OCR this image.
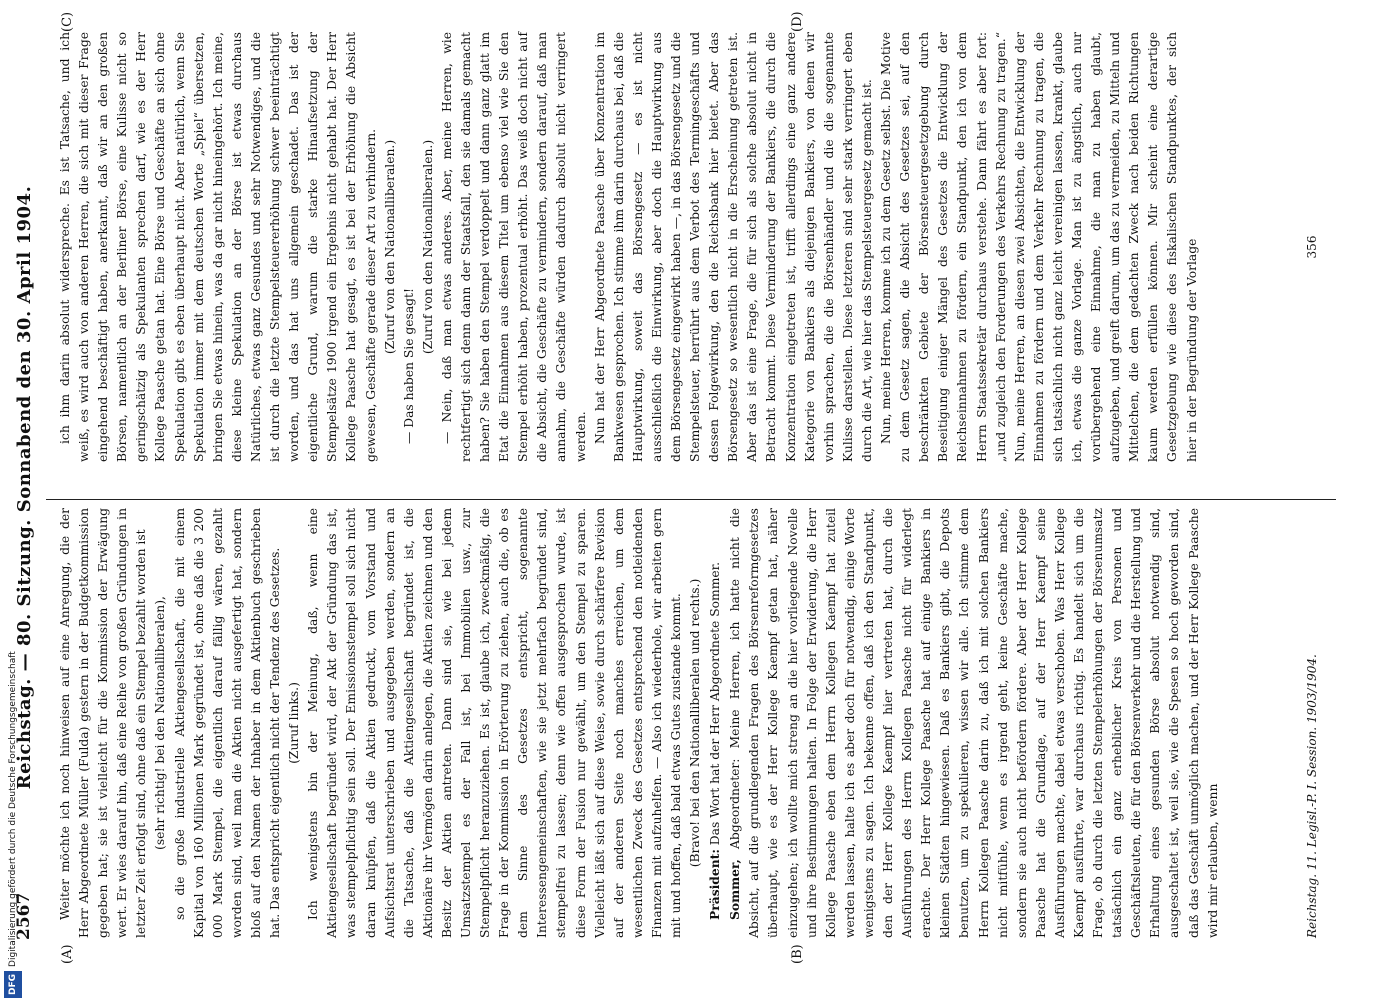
2567
Reichstag. — 80. Sitzung. Sonnabend den 30. April 1904.
(A)	(B)
(C)	(D)

Weiter möchte ich noch hinweisen auf eine Anregung, die der Herr Abgeordnete Müller (Fulda) gestern in der Budgetkommission gegeben hat; sie ist vielleicht für die Kommission der Erwägung wert. Er wies darauf hin, daß eine Reihe von großen Gründungen in letzter Zeit erfolgt sind, ohne daß ein Stempel bezahlt worden ist (sehr richtig! bei den Nationalliberalen), so die große industrielle Aktiengesellschaft, die mit einem Kapital von 160 Millionen Mark gegründet ist, ohne daß die 3 200 000 Mark Stempel, die eigentlich darauf fällig wären, gezahlt worden sind, weil man die Aktien nicht ausgefertigt hat, sondern bloß auf den Namen der Inhaber in dem Aktienbuch geschrieben hat. Das entspricht eigentlich nicht der Tendenz des Gesetzes. (Zuruf links.) Ich wenigstens bin der Meinung, daß, wenn eine Aktiengesellschaft begründet wird, der Akt der Gründung das ist, was stempelpflichtig sein soll. Der Emissionsstempel soll sich nicht daran knüpfen, daß die Aktien gedruckt, vom Vorstand und Aufsichtsrat unterschrieben und ausgegeben werden, sondern an die Tatsache, daß die Aktiengesellschaft begründet ist, die Aktionäre ihr Vermögen darin anlegen, die Aktien zeichnen und den Besitz der Aktien antreten. Dann sind sie, wie bei jedem Umsatzstempel es der Fall ist, bei Immobilien usw., zur Stempelpflicht heranzuziehen. Es ist, glaube ich, zweckmäßig, die Frage in der Kommission in Erörterung zu ziehen, auch die, ob es dem Sinne des Gesetzes entspricht, sogenannte Interessengemeinschaften, wie sie jetzt mehrfach begründet sind, stempelfrei zu lassen; denn wie offen ausgesprochen wurde, ist diese Form der Fusion nur gewählt, um den Stempel zu sparen. Vielleicht läßt sich auf diese Weise, sowie durch schärfere Revision auf der anderen Seite noch manches erreichen, um dem wesentlichen Zweck des Gesetzes entsprechend den notleidenden Finanzen mit aufzuhelfen. — Also ich wiederhole, wir arbeiten gern mit und hoffen, daß bald etwas Gutes zustande kommt. (Bravo! bei den Nationalliberalen und rechts.)

Präsident: Das Wort hat der Herr Abgeordnete Sommer.

Sommer, Abgeordneter: Meine Herren, ich hatte nicht die Absicht, auf die grundlegenden Fragen des Börsenreformgesetzes überhaupt, wie es der Herr Kollege Kaempf getan hat, näher einzugehen; ich wollte mich streng an die hier vorliegende Novelle und ihre Bestimmungen halten. In Folge der Erwiderung, die Herr Kollege Paasche eben dem Herrn Kollegen Kaempf hat zuteil werden lassen, halte ich es aber doch für notwendig, einige Worte wenigstens zu sagen. Ich bekenne offen, daß ich den Standpunkt, den der Herr Kollege Kaempf hier vertreten hat, durch die Ausführungen des Herrn Kollegen Paasche nicht für widerlegt erachte. Der Herr Kollege Paasche hat auf einige Bankiers in kleinen Städten hingewiesen. Daß es Bankiers gibt, die Depots benutzen, um zu spekulieren, wissen wir alle. Ich stimme dem Herrn Kollegen Paasche darin zu, daß ich mit solchen Bankiers nicht mitfühle, wenn es irgend geht, keine Geschäfte mache, sondern sie auch nicht befördern fördere. Aber der Herr Kollege Paasche hat die Grundlage, auf der Herr Kaempf seine Ausführungen machte, dabei etwas verschoben. Was Herr Kollege Kaempf ausführte, war durchaus richtig. Es handelt sich um die Frage, ob durch die letzten Stempelerhöhungen der Börsenumsatz tatsächlich ein ganz erheblicher Kreis von Personen und Geschäftsleuten, die für den Börsenverkehr und die Herstellung und Erhaltung eines gesunden Börse absolut notwendig sind, ausgeschaltet ist, weil sie, wie die Spesen so hoch geworden sind, daß das Geschäft unmöglich machen, und der Herr Kollege Paasche wird mir erlauben, wenn

ich ihm darin absolut widerspreche. Es ist Tatsache, und ich weiß, es wird auch von anderen Herren, die sich mit dieser Frage eingehend beschäftigt haben, anerkannt, daß wir an den großen Börsen, namentlich an der Berliner Börse, eine Kulisse nicht so geringschätzig als Spekulanten sprechen darf, wie es der Herr Kollege Paasche getan hat. Eine Börse und Geschäfte an sich ohne Spekulation gibt es eben überhaupt nicht. Aber natürlich, wenn Sie Spekulation immer mit dem deutschen Worte „Spiel“ übersetzen, bringen Sie etwas hinein, was da gar nicht hineingehört. Ich meine, diese kleine Spekulation an der Börse ist etwas durchaus Natürliches, etwas ganz Gesundes und sehr Notwendiges, und die ist durch die letzte Stempelsteuererhöhung schwer beeinträchtigt worden, und das hat uns allgemein geschadet. Das ist der eigentliche Grund, warum die starke Hinaufsetzung der Stempelsätze 1900 irgend ein Ergebnis nicht gehabt hat. Der Herr Kollege Paasche hat gesagt, es ist bei der Erhöhung die Absicht gewesen, Geschäfte gerade dieser Art zu verhindern. (Zuruf von den Nationalliberalen.)

— Das haben Sie gesagt!

(Zuruf von den Nationalliberalen.) — Nein, daß man etwas anderes. Aber, meine Herren, wie rechtfertigt sich denn dann der Staatsfall, den sie damals gemacht haben? Sie haben den Stempel verdoppelt und dann ganz glatt im Etat die Einnahmen aus diesem Titel um ebenso viel wie Sie den Stempel erhöht haben, prozentual erhöht. Das weiß doch nicht auf die Absicht, die Geschäfte zu vermindern, sondern darauf, daß man annahm, die Geschäfte würden dadurch absolut nicht verringert werden. Nun hat der Herr Abgeordnete Paasche über Konzentration im Bankwesen gesprochen. Ich stimme ihm darin durchaus bei, daß die Hauptwirkung, soweit das Börsengesetz — es ist nicht ausschließlich die Einwirkung, aber doch die Hauptwirkung aus dem Börsengesetz eingewirkt haben —, in das Börsengesetz und die Stempelsteuer, herrührt aus dem Verbot des Termingeschäfts und dessen Folgewirkung, den die Reichsbank hier bietet. Aber das Börsengesetz so wesentlich nicht in die Erscheinung getreten ist. Aber das ist eine Frage, die für sich als solche absolut nicht in Betracht kommt. Diese Verminderung der Bankiers, die durch die Konzentration eingetreten ist, trifft allerdings eine ganz andere Kategorie von Bankiers als diejenigen Bankiers, von denen wir vorhin sprachen, die die Börsenhändler und die die sogenannte Kulisse darstellen. Diese letzteren sind sehr stark verringert eben durch die Art, wie hier das Stempelsteuergesetz gemacht ist. Nun, meine Herren, komme ich zu dem Gesetz selbst. Die Motive zu dem Gesetz sagen, die Absicht des Gesetzes sei, auf den beschränkten Gebiete der Börsensteuergesetzgebung durch Beseitigung einiger Mängel des Gesetzes die Entwicklung der Reichseinnahmen zu fördern, ein Standpunkt, den ich von dem Herrn Staatssekretär durchaus verstehe. Dann fährt es aber fort: „und zugleich den Forderungen des Verkehrs Rechnung zu tragen.“ Nun, meine Herren, an diesen zwei Absichten, die Entwicklung der Einnahmen zu fördern und dem Verkehr Rechnung zu tragen, die sich tatsächlich nicht ganz leicht vereinigen lassen, krankt, glaube ich, etwas die ganze Vorlage. Man ist zu ängstlich, auch nur vorübergehend eine Einnahme, die man zu haben glaubt, aufzugeben, und greift darum, um das zu vermeiden, zu Mitteln und Mittelchen, die dem gedachten Zweck nach beiden Richtungen kaum werden erfüllen können. Mir scheint eine derartige Gesetzgebung wie diese des fiskalischen Standpunktes, der sich hier in der Begründung der Vorlage

Reichstag. 11. Legisl.-P. I. Session. 1903/1904.
356
DFGDigitalisierung gefördert durch die Deutsche Forschungsgemeinschaft
